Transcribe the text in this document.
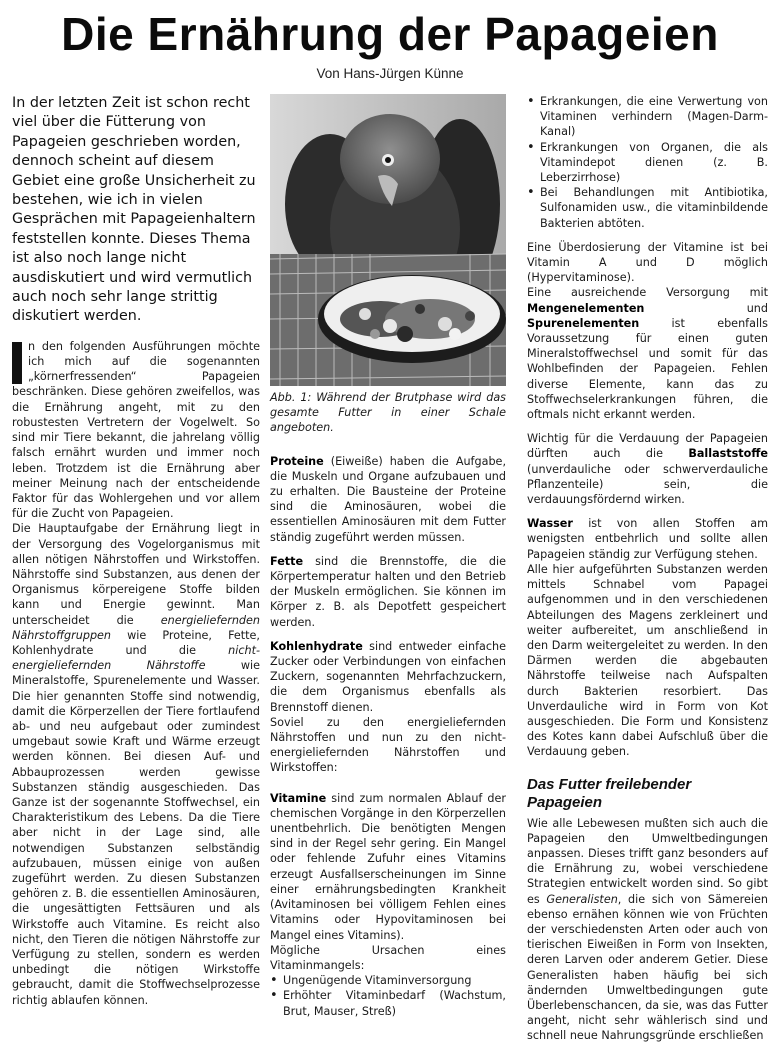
Die Ernährung der Papageien
Von Hans-Jürgen Künne

In der letzten Zeit ist schon recht viel über die Fütterung von Papageien geschrieben worden, dennoch scheint auf diesem Gebiet eine große Unsicherheit zu bestehen, wie ich in vielen Gesprächen mit Papageienhaltern feststellen konnte. Dieses Thema ist also noch lange nicht ausdiskutiert und wird vermutlich auch noch sehr lange strittig diskutiert werden.

n den folgenden Ausführungen möchte ich mich auf die sogenannten „körnerfressenden“ Papageien beschränken. Diese gehören zweifellos, was die Ernährung angeht, mit zu den robustesten Vertretern der Vogelwelt. So sind mir Tiere bekannt, die jahrelang völlig falsch ernährt wurden und immer noch leben. Trotzdem ist die Ernährung aber meiner Meinung nach der entscheidende Faktor für das Wohlergehen und vor allem für die Zucht von Papageien.

Die Hauptaufgabe der Ernährung liegt in der Versorgung des Vogelorganismus mit allen nötigen Nährstoffen und Wirkstoffen. Nährstoffe sind Substanzen, aus denen der Organismus körpereigene Stoffe bilden kann und Energie gewinnt. Man unterscheidet die energieliefernden Nährstoffgruppen wie Proteine, Fette, Kohlenhydrate und die nicht-energieliefernden Nährstoffe wie Mineralstoffe, Spurenelemente und Wasser. Die hier genannten Stoffe sind notwendig, damit die Körperzellen der Tiere fortlaufend ab- und neu aufgebaut oder zumindest umgebaut sowie Kraft und Wärme erzeugt werden können. Bei diesen Auf- und Abbauprozessen werden gewisse Substanzen ständig ausgeschieden. Das Ganze ist der sogenannte Stoffwechsel, ein Charakteristikum des Lebens. Da die Tiere aber nicht in der Lage sind, alle notwendigen Substanzen selbständig aufzubauen, müssen einige von außen zugeführt werden. Zu diesen Substanzen gehören z. B. die essentiellen Aminosäuren, die ungesättigten Fettsäuren und als Wirkstoffe auch Vitamine. Es reicht also nicht, den Tieren die nötigen Nährstoffe zur Verfügung zu stellen, sondern es werden unbedingt die nötigen Wirkstoffe gebraucht, damit die Stoffwechselprozesse richtig ablaufen können.

Abb. 1: Während der Brutphase wird das gesamte Futter in einer Schale angeboten.

Proteine (Eiweiße) haben die Aufgabe, die Muskeln und Organe aufzubauen und zu erhalten. Die Bausteine der Proteine sind die Aminosäuren, wobei die essentiellen Aminosäuren mit dem Futter ständig zugeführt werden müssen.

Fette sind die Brennstoffe, die die Körpertemperatur halten und den Betrieb der Muskeln ermöglichen. Sie können im Körper z. B. als Depotfett gespeichert werden.

Kohlenhydrate sind entweder einfache Zucker oder Verbindungen von einfachen Zuckern, sogenannten Mehrfachzuckern, die dem Organismus ebenfalls als Brennstoff dienen.

Soviel zu den energieliefernden Nährstoffen und nun zu den nicht-energieliefernden Nährstoffen und Wirkstoffen:

Vitamine sind zum normalen Ablauf der chemischen Vorgänge in den Körperzellen unentbehrlich. Die benötigten Mengen sind in der Regel sehr gering. Ein Mangel oder fehlende Zufuhr eines Vitamins erzeugt Ausfallserscheinungen im Sinne einer ernährungsbedingten Krankheit (Avitaminosen bei völligem Fehlen eines Vitamins oder Hypovitaminosen bei Mangel eines Vitamins).

Mögliche Ursachen eines Vitaminmangels:

• Ungenügende Vitaminversorgung
• Erhöhter Vitaminbedarf (Wachstum, Brut, Mauser, Streß)
• Erkrankungen, die eine Verwertung von Vitaminen verhindern (Magen-Darm-Kanal)
• Erkrankungen von Organen, die als Vitamindepot dienen (z. B. Leberzirrhose)
• Bei Behandlungen mit Antibiotika, Sulfonamiden usw., die vitaminbildende Bakterien abtöten.

Eine Überdosierung der Vitamine ist bei Vitamin A und D möglich (Hypervitaminose).

Eine ausreichende Versorgung mit Mengenelementen und Spurenelementen ist ebenfalls Voraussetzung für einen guten Mineralstoffwechsel und somit für das Wohlbefinden der Papageien. Fehlen diverse Elemente, kann das zu Stoffwechselerkrankungen führen, die oftmals nicht erkannt werden.

Wichtig für die Verdauung der Papageien dürften auch die Ballaststoffe (unverdauliche oder schwerverdauliche Pflanzenteile) sein, die verdauungsfördernd wirken.

Wasser ist von allen Stoffen am wenigsten entbehrlich und sollte allen Papageien ständig zur Verfügung stehen.

Alle hier aufgeführten Substanzen werden mittels Schnabel vom Papagei aufgenommen und in den verschiedenen Abteilungen des Magens zerkleinert und weiter aufbereitet, um anschließend in den Darm weitergeleitet zu werden. In den Därmen werden die abgebauten Nährstoffe teilweise nach Aufspalten durch Bakterien resorbiert. Das Unverdauliche wird in Form von Kot ausgeschieden. Die Form und Konsistenz des Kotes kann dabei Aufschluß über die Verdauung geben.

Das Futter freilebender Papageien

Wie alle Lebewesen mußten sich auch die Papageien den Umweltbedingungen anpassen. Dieses trifft ganz besonders auf die Ernährung zu, wobei verschiedene Strategien entwickelt worden sind. So gibt es Generalisten, die sich von Sämereien ebenso ernähen können wie von Früchten der verschiedensten Arten oder auch von tierischen Eiweißen in Form von Insekten, deren Larven oder anderem Getier. Diese Generalisten haben häufig bei sich ändernden Umweltbedingungen gute Überlebenschancen, da sie, was das Futter angeht, nicht sehr wählerisch sind und schnell neue Nahrungsgründe erschließen
